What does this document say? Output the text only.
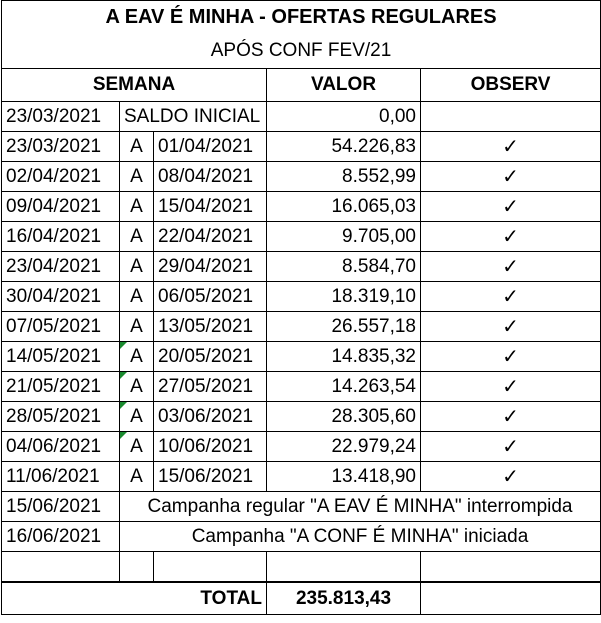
A EAV É MINHA - OFERTAS REGULARES				
APÓS CONF FEV/21				
SEMANA			VALOR	OBSERV
23/03/2021	SALDO INICIAL		0,00	
23/03/2021	A	01/04/2021	54.226,83	✓
02/04/2021	A	08/04/2021	8.552,99	✓
09/04/2021	A	15/04/2021	16.065,03	✓
16/04/2021	A	22/04/2021	9.705,00	✓
23/04/2021	A	29/04/2021	8.584,70	✓
30/04/2021	A	06/05/2021	18.319,10	✓
07/05/2021	A	13/05/2021	26.557,18	✓
14/05/2021	A	20/05/2021	14.835,32	✓
21/05/2021	A	27/05/2021	14.263,54	✓
28/05/2021	A	03/06/2021	28.305,60	✓
04/06/2021	A	10/06/2021	22.979,24	✓
11/06/2021	A	15/06/2021	13.418,90	✓
15/06/2021	Campanha regular "A EAV É MINHA" interrompida			
16/06/2021	Campanha "A CONF É MINHA" iniciada			

TOTAL			235.813,43	
